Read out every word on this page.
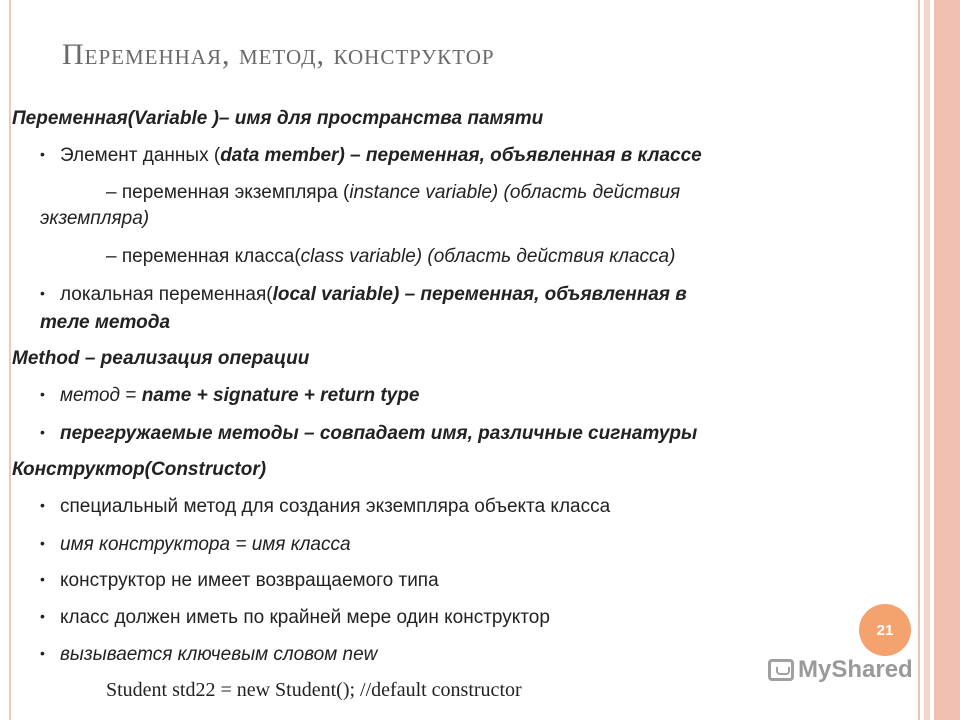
Переменная, метод, конструктор
Переменная(Variable )– имя для пространства памяти
• Элемент данных (data member) – переменная, объявленная в классе
– переменная экземпляра (instance variable) (область действия
экземпляра)
– переменная класса(class variable) (область действия класса)
• локальная переменная(local variable) – переменная, объявленная в
теле метода
Method – реализация операции
• метод = name + signature + return type
• перегружаемые методы – совпадает имя, различные сигнатуры
Конструктор(Constructor)
• специальный метод для создания экземпляра объекта класса
• имя конструктора = имя класса
• конструктор не имеет возвращаемого типа
• класс должен иметь по крайней мере один конструктор
• вызывается ключевым словом new
Student std22 = new Student(); //default constructor
21
MyShared
